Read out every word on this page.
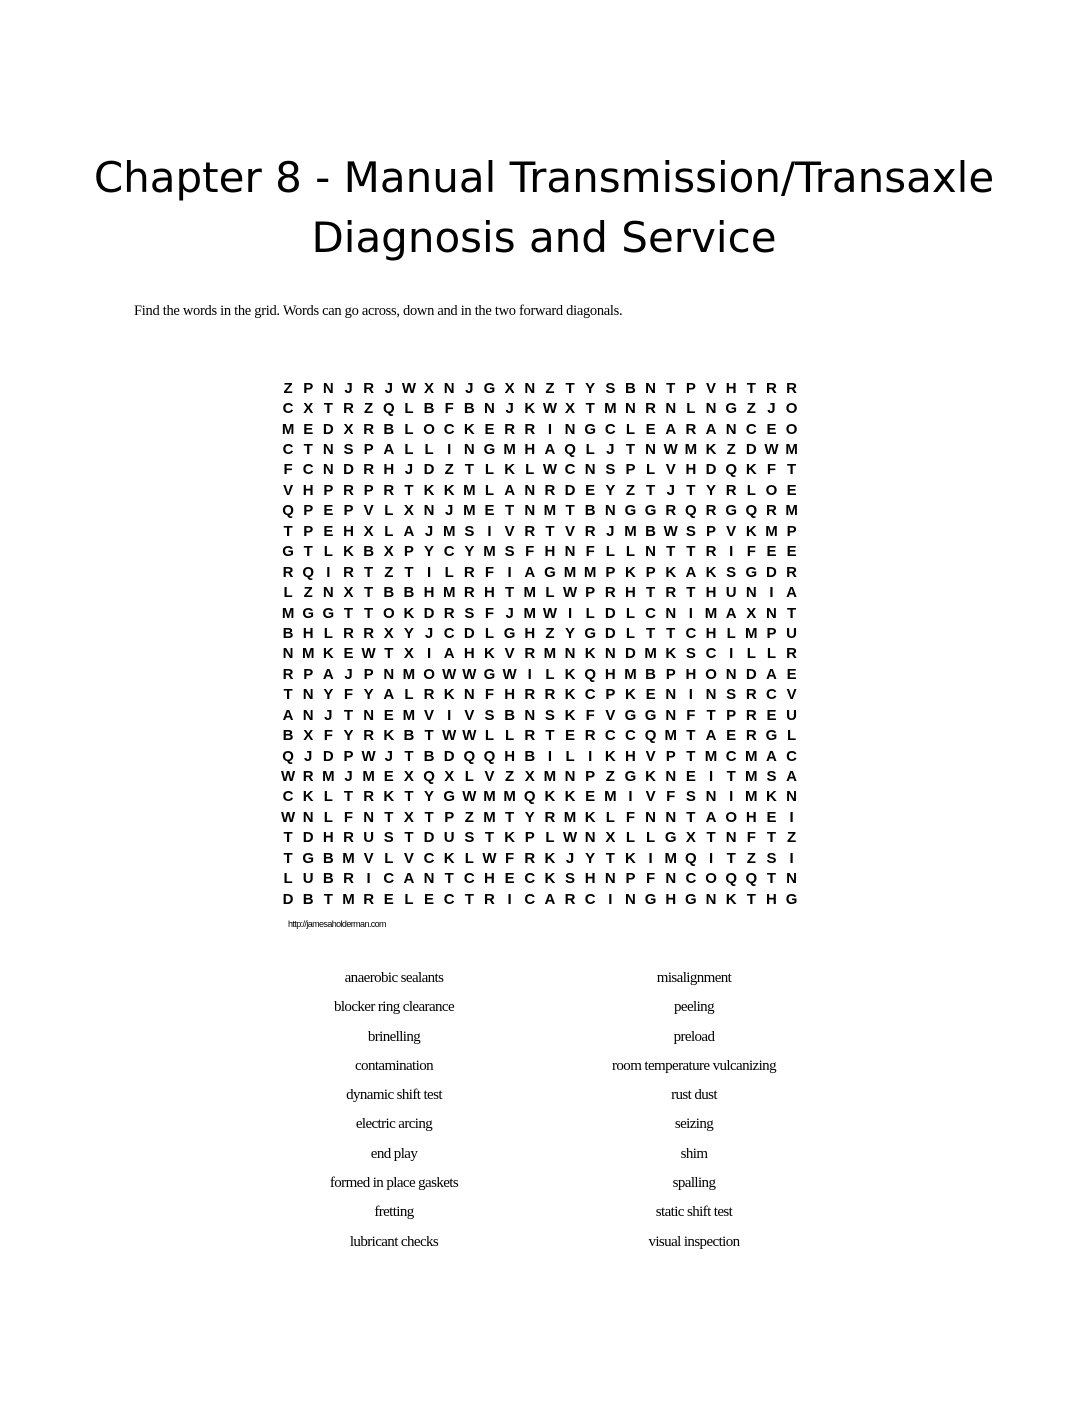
Chapter 8 - Manual Transmission/Transaxle
Diagnosis and Service
Find the words in the grid. Words can go across, down and in the two forward diagonals.
Z P N J R J W X N J G X N Z T Y S B N T P V H T R R
C X T R Z Q L B F B N J K W X T M N R N L N G Z J O
M E D X R B L O C K E R R I N G C L E A R A N C E O
C T N S P A L L I N G M H A Q L J T N W M K Z D W M
F C N D R H J D Z T L K L W C N S P L V H D Q K F T
V H P R P R T K K M L A N R D E Y Z T J T Y R L O E
Q P E P V L X N J M E T N M T B N G G R Q R G Q R M
T P E H X L A J M S I V R T V R J M B W S P V K M P
G T L K B X P Y C Y M S F H N F L L N T T R I F E E
R Q I R T Z T I L R F I A G M M P K P K A K S G D R
L Z N X T B B H M R H T M L W P R H T R T H U N I A
M G G T T O K D R S F J M W I L D L C N I M A X N T
B H L R R X Y J C D L G H Z Y G D L T T C H L M P U
N M K E W T X I A H K V R M N K N D M K S C I L L R
R P A J P N M O W W G W I L K Q H M B P H O N D A E
T N Y F Y A L R K N F H R R K C P K E N I N S R C V
A N J T N E M V I V S B N S K F V G G N F T P R E U
B X F Y R K B T W W L L R T E R C C Q M T A E R G L
Q J D P W J T B D Q Q H B I L I K H V P T M C M A C
W R M J M E X Q X L V Z X M N P Z G K N E I T M S A
C K L T R K T Y G W M M Q K K E M I V F S N I M K N
W N L F N T X T P Z M T Y R M K L F N N T A O H E I
T D H R U S T D U S T K P L W N X L L G X T N F T Z
T G B M V L V C K L W F R K J Y T K I M Q I T Z S I
L U B R I C A N T C H E C K S H N P F N C O Q Q T N
D B T M R E L E C T R I C A R C I N G H G N K T H G
http://jamesaholderman.com
anaerobic sealants
blocker ring clearance
brinelling
contamination
dynamic shift test
electric arcing
end play
formed in place gaskets
fretting
lubricant checks
misalignment
peeling
preload
room temperature vulcanizing
rust dust
seizing
shim
spalling
static shift test
visual inspection
